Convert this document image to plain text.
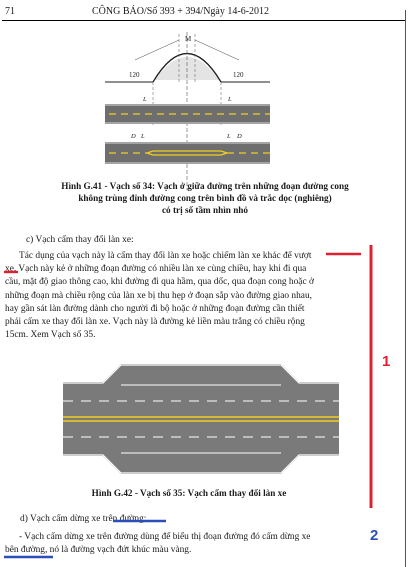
71	CÔNG BÁO/Số 393 + 394/Ngày 14-6-2012
M
120	120
L	L
D L	L D
Hình G.41 - Vạch số 34: Vạch ở giữa đường trên những đoạn đường cong
không trùng đỉnh đường cong trên bình đồ và trắc dọc (nghiêng)
có trị số tầm nhìn nhỏ
c) Vạch cấm thay đổi làn xe:
Tác dụng của vạch này là cấm thay đổi làn xe hoặc chiếm làn xe khác để vượt
xe. Vạch này kẻ ở những đoạn đường có nhiều làn xe cùng chiều, hay khi đi qua
cầu, mặt độ giao thông cao, khi đường đi qua hầm, qua dốc, qua đoạn cong hoặc ở
những đoạn mà chiều rộng của làn xe bị thu hẹp ở đoạn sắp vào đường giao nhau,
hay gần sát làn đường dành cho người đi bộ hoặc ở những đoạn đường cần thiết
phải cấm xe thay đổi làn xe. Vạch này là đường kẻ liền màu trắng có chiều rộng
15cm. Xem Vạch số 35.
Hình G.42 - Vạch số 35: Vạch cấm thay đổi làn xe
d) Vạch cấm dừng xe trên đường:
- Vạch cấm dừng xe trên đường dùng để biểu thị đoạn đường đó cấm dừng xe
bên đường, nó là đường vạch đứt khúc màu vàng.
1
2
